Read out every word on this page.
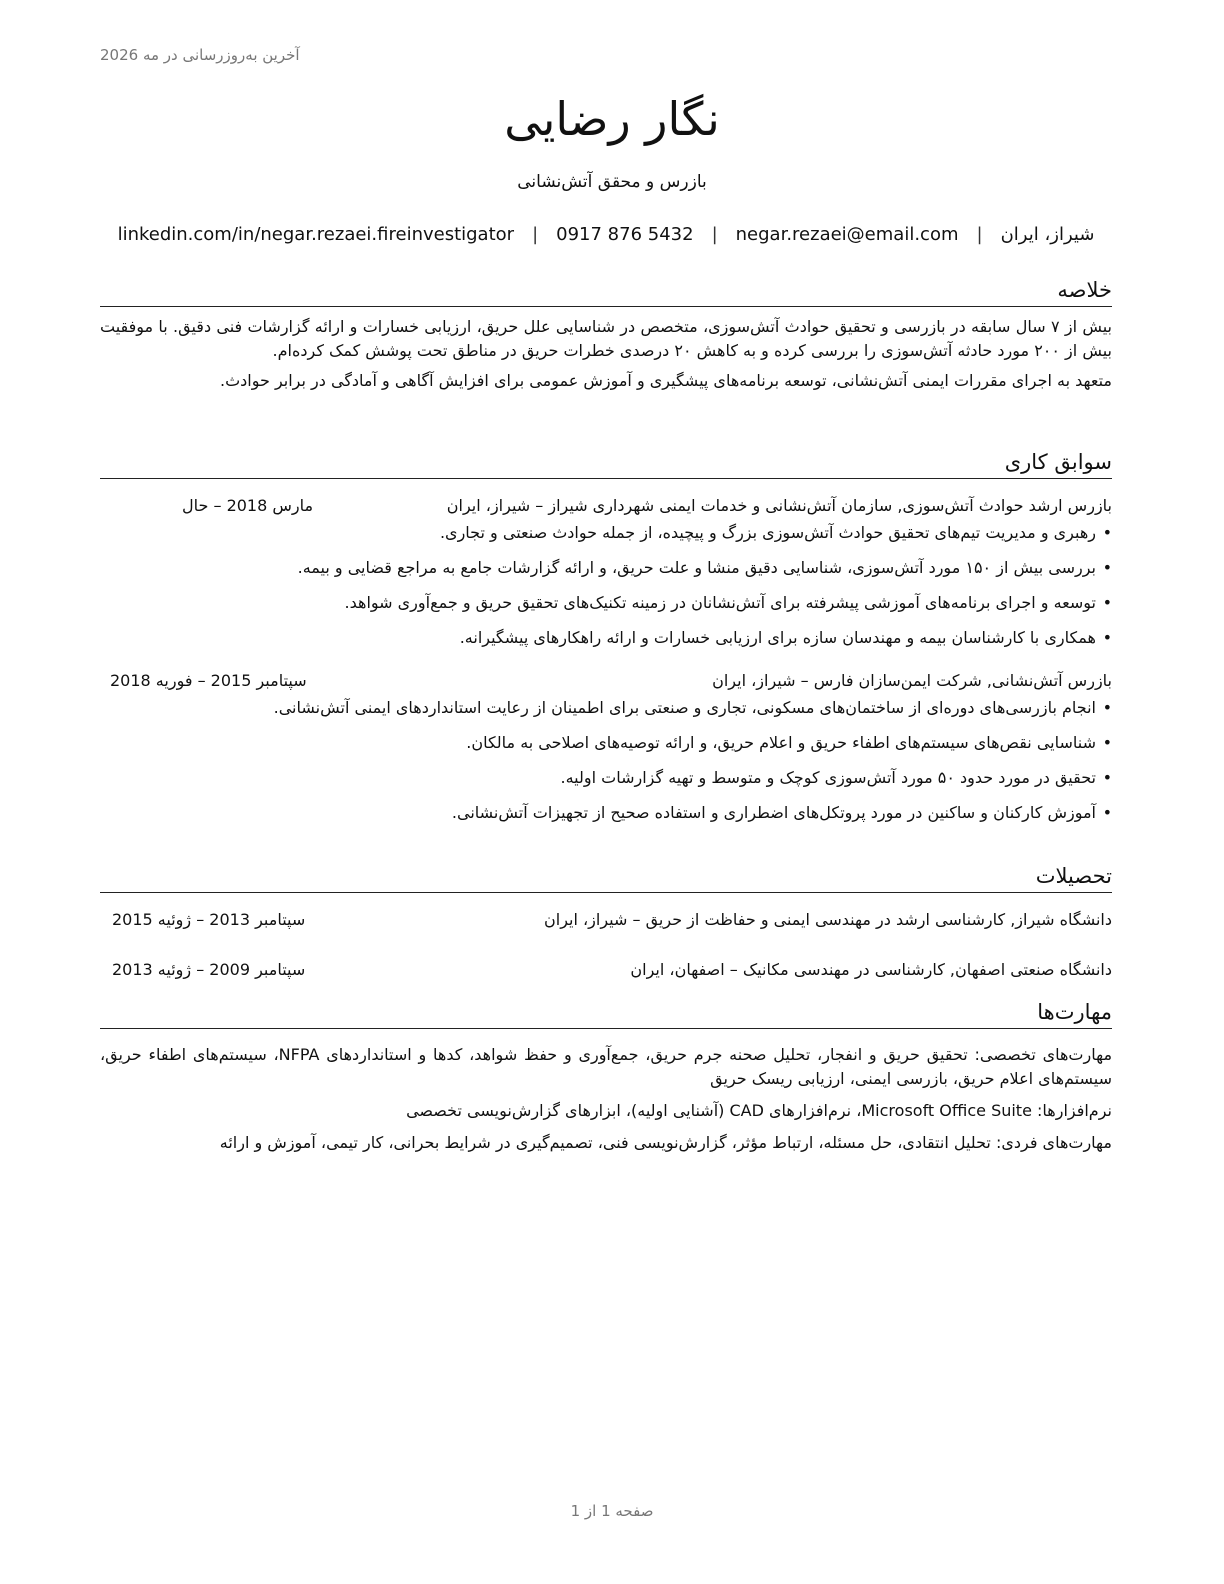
آخرین به‌روزرسانی در مه 2026
نگار رضایی
بازرس و محقق آتش‌نشانی
شیراز، ایران
|
negar.rezaei@email.com
|
0917 876 5432
|
linkedin.com/in/negar.rezaei.fireinvestigator
خلاصه

بیش از ۷ سال سابقه در بازرسی و تحقیق حوادث آتش‌سوزی، متخصص در شناسایی علل حریق، ارزیابی خسارات و ارائه گزارشات فنی دقیق. با موفقیت بیش از ۲۰۰ مورد حادثه آتش‌سوزی را بررسی کرده و به کاهش ۲۰ درصدی خطرات حریق در مناطق تحت پوشش کمک کرده‌ام.

متعهد به اجرای مقررات ایمنی آتش‌نشانی، توسعه برنامه‌های پیشگیری و آموزش عمومی برای افزایش آگاهی و آمادگی در برابر حوادث.

سوابق کاری
بازرس ارشد حوادث آتش‌سوزی, سازمان آتش‌نشانی و خدمات ایمنی شهرداری شیراز – شیراز، ایران
مارس 2018 – حال
• رهبری و مدیریت تیم‌های تحقیق حوادث آتش‌سوزی بزرگ و پیچیده، از جمله حوادث صنعتی و تجاری.
• بررسی بیش از ۱۵۰ مورد آتش‌سوزی، شناسایی دقیق منشا و علت حریق، و ارائه گزارشات جامع به مراجع قضایی و بیمه.
• توسعه و اجرای برنامه‌های آموزشی پیشرفته برای آتش‌نشانان در زمینه تکنیک‌های تحقیق حریق و جمع‌آوری شواهد.
• همکاری با کارشناسان بیمه و مهندسان سازه برای ارزیابی خسارات و ارائه راهکارهای پیشگیرانه.
بازرس آتش‌نشانی, شرکت ایمن‌سازان فارس – شیراز، ایران
سپتامبر 2015 – فوریه 2018
• انجام بازرسی‌های دوره‌ای از ساختمان‌های مسکونی، تجاری و صنعتی برای اطمینان از رعایت استانداردهای ایمنی آتش‌نشانی.
• شناسایی نقص‌های سیستم‌های اطفاء حریق و اعلام حریق، و ارائه توصیه‌های اصلاحی به مالکان.
• تحقیق در مورد حدود ۵۰ مورد آتش‌سوزی کوچک و متوسط و تهیه گزارشات اولیه.
• آموزش کارکنان و ساکنین در مورد پروتکل‌های اضطراری و استفاده صحیح از تجهیزات آتش‌نشانی.
تحصیلات
دانشگاه شیراز, کارشناسی ارشد در مهندسی ایمنی و حفاظت از حریق – شیراز، ایران
سپتامبر 2013 – ژوئیه 2015
دانشگاه صنعتی اصفهان, کارشناسی در مهندسی مکانیک – اصفهان، ایران
سپتامبر 2009 – ژوئیه 2013
مهارت‌ها
مهارت‌های تخصصی: تحقیق حریق و انفجار، تحلیل صحنه جرم حریق، جمع‌آوری و حفظ شواهد، کدها و استانداردهای NFPA، سیستم‌های اطفاء حریق، سیستم‌های اعلام حریق، بازرسی ایمنی، ارزیابی ریسک حریق
نرم‌افزارها: Microsoft Office Suite، نرم‌افزارهای CAD (آشنایی اولیه)، ابزارهای گزارش‌نویسی تخصصی
مهارت‌های فردی: تحلیل انتقادی، حل مسئله، ارتباط مؤثر، گزارش‌نویسی فنی، تصمیم‌گیری در شرایط بحرانی، کار تیمی، آموزش و ارائه
صفحه 1 از 1
